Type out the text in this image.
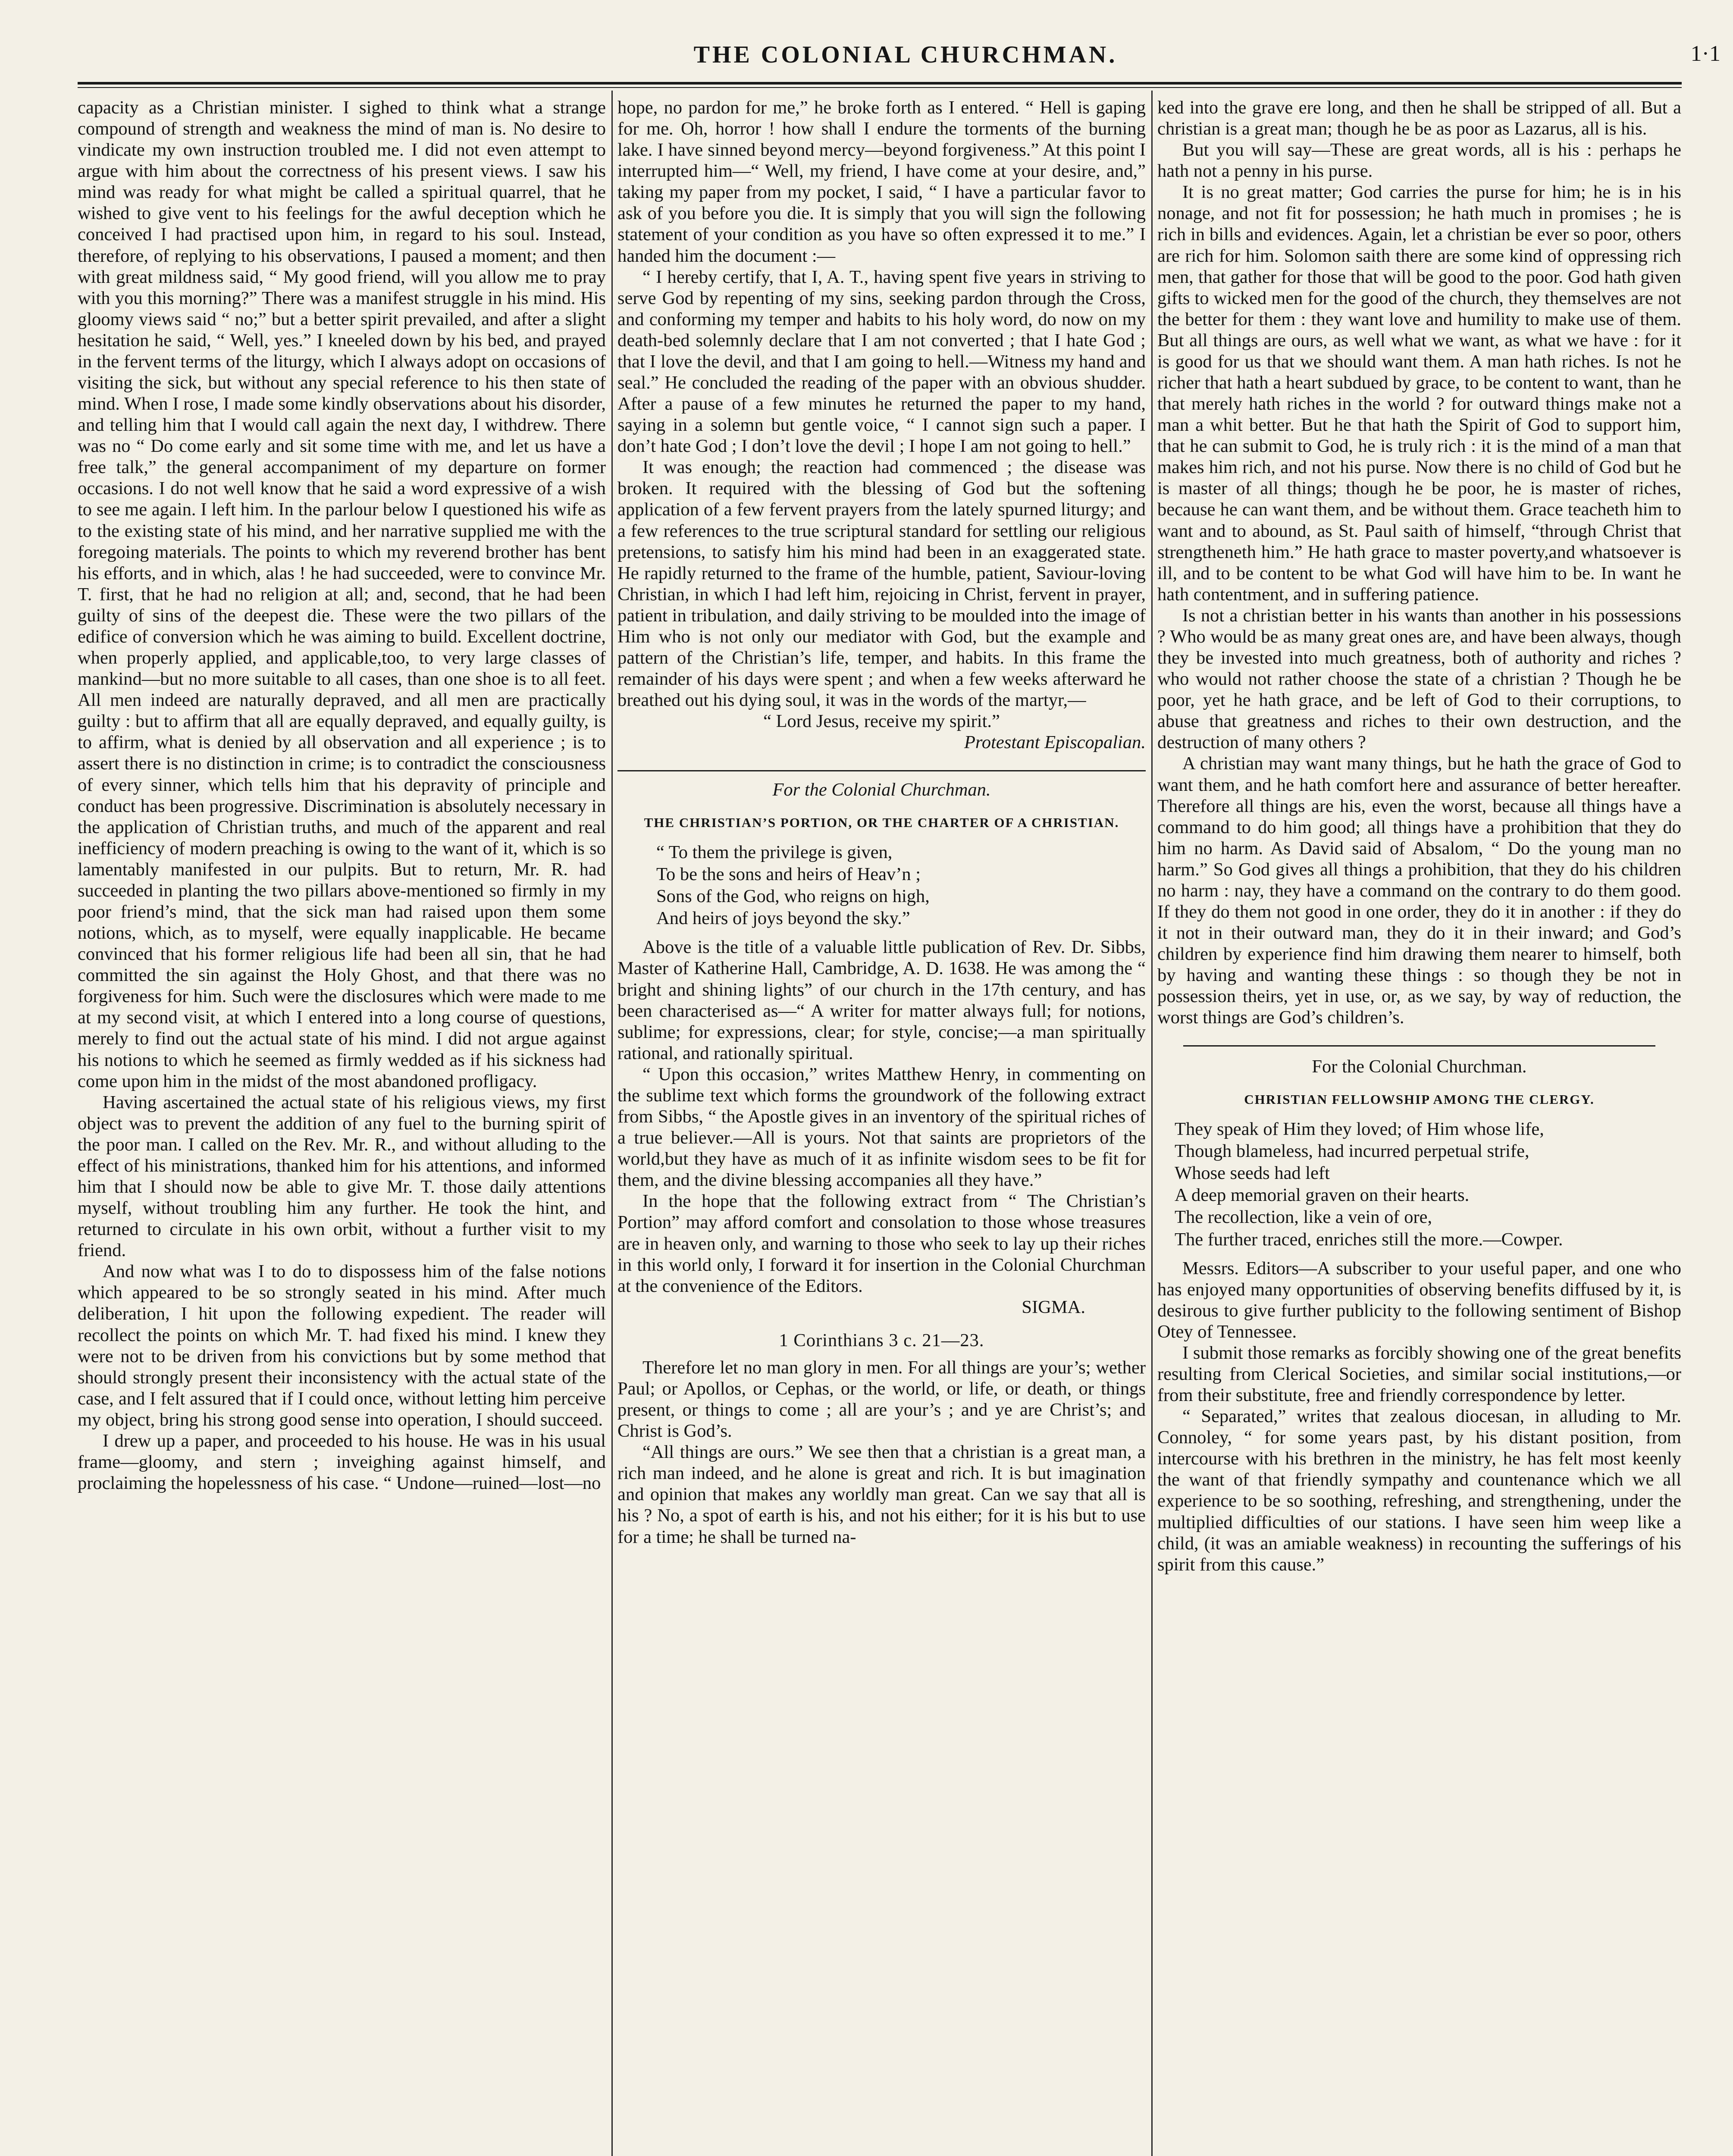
THE COLONIAL CHURCHMAN.	1·1

capacity as a Christian minister. I sighed to think what a strange compound of strength and weakness the mind of man is. No desire to vindicate my own instruction troubled me. I did not even attempt to argue with him about the correctness of his present views. I saw his mind was ready for what might be called a spiritual quarrel, that he wished to give vent to his feelings for the awful deception which he conceived I had practised upon him, in regard to his soul. Instead, therefore, of replying to his observations, I paused a moment; and then with great mildness said, “ My good friend, will you allow me to pray with you this morning?” There was a manifest struggle in his mind. His gloomy views said “ no;” but a better spirit prevailed, and after a slight hesitation he said, “ Well, yes.” I kneeled down by his bed, and prayed in the fervent terms of the liturgy, which I always adopt on occasions of visiting the sick, but without any special reference to his then state of mind. When I rose, I made some kindly observations about his disorder, and telling him that I would call again the next day, I withdrew. There was no “ Do come early and sit some time with me, and let us have a free talk,” the general accompaniment of my departure on former occasions. I do not well know that he said a word expressive of a wish to see me again. I left him. In the parlour below I questioned his wife as to the existing state of his mind, and her narrative supplied me with the foregoing materials. The points to which my reverend brother has bent his efforts, and in which, alas ! he had succeeded, were to convince Mr. T. first, that he had no religion at all; and, second, that he had been guilty of sins of the deepest die. These were the two pillars of the edifice of conversion which he was aiming to build. Excellent doctrine, when properly applied, and applicable,too, to very large classes of mankind—but no more suitable to all cases, than one shoe is to all feet. All men indeed are naturally depraved, and all men are practically guilty : but to affirm that all are equally depraved, and equally guilty, is to affirm, what is denied by all observation and all experience ; is to assert there is no distinction in crime; is to contradict the consciousness of every sinner, which tells him that his depravity of principle and conduct has been progressive. Discrimination is absolutely necessary in the application of Christian truths, and much of the apparent and real inefficiency of modern preaching is owing to the want of it, which is so lamentably manifested in our pulpits. But to return, Mr. R. had succeeded in planting the two pillars above-mentioned so firmly in my poor friend’s mind, that the sick man had raised upon them some notions, which, as to myself, were equally inapplicable. He became convinced that his former religious life had been all sin, that he had committed the sin against the Holy Ghost, and that there was no forgiveness for him. Such were the disclosures which were made to me at my second visit, at which I entered into a long course of questions, merely to find out the actual state of his mind. I did not argue against his notions to which he seemed as firmly wedded as if his sickness had come upon him in the midst of the most abandoned profligacy.

Having ascertained the actual state of his religious views, my first object was to prevent the addition of any fuel to the burning spirit of the poor man. I called on the Rev. Mr. R., and without alluding to the effect of his ministrations, thanked him for his attentions, and informed him that I should now be able to give Mr. T. those daily attentions myself, without troubling him any further. He took the hint, and returned to circulate in his own orbit, without a further visit to my friend.

And now what was I to do to dispossess him of the false notions which appeared to be so strongly seated in his mind. After much deliberation, I hit upon the following expedient. The reader will recollect the points on which Mr. T. had fixed his mind. I knew they were not to be driven from his convictions but by some method that should strongly present their inconsistency with the actual state of the case, and I felt assured that if I could once, without letting him perceive my object, bring his strong good sense into operation, I should succeed.

I drew up a paper, and proceeded to his house. He was in his usual frame—gloomy, and stern ; inveighing against himself, and proclaiming the hopelessness of his case. “ Undone—ruined—lost—no

hope, no pardon for me,” he broke forth as I entered. “ Hell is gaping for me. Oh, horror ! how shall I endure the torments of the burning lake. I have sinned beyond mercy—beyond forgiveness.” At this point I interrupted him—“ Well, my friend, I have come at your desire, and,” taking my paper from my pocket, I said, “ I have a particular favor to ask of you before you die. It is simply that you will sign the following statement of your condition as you have so often expressed it to me.” I handed him the document :—

“ I hereby certify, that I, A. T., having spent five years in striving to serve God by repenting of my sins, seeking pardon through the Cross, and conforming my temper and habits to his holy word, do now on my death-bed solemnly declare that I am not converted ; that I hate God ; that I love the devil, and that I am going to hell.—Witness my hand and seal.” He concluded the reading of the paper with an obvious shudder. After a pause of a few minutes he returned the paper to my hand, saying in a solemn but gentle voice, “ I cannot sign such a paper. I don’t hate God ; I don’t love the devil ; I hope I am not going to hell.”

It was enough; the reaction had commenced ; the disease was broken. It required with the blessing of God but the softening application of a few fervent prayers from the lately spurned liturgy; and a few references to the true scriptural standard for settling our religious pretensions, to satisfy him his mind had been in an exaggerated state. He rapidly returned to the frame of the humble, patient, Saviour-loving Christian, in which I had left him, rejoicing in Christ, fervent in prayer, patient in tribulation, and daily striving to be moulded into the image of Him who is not only our mediator with God, but the example and pattern of the Christian’s life, temper, and habits. In this frame the remainder of his days were spent ; and when a few weeks afterward he breathed out his dying soul, it was in the words of the martyr,—

“ Lord Jesus, receive my spirit.”

Protestant Episcopalian.

For the Colonial Churchman.
THE CHRISTIAN’S PORTION, OR THE CHARTER OF A CHRISTIAN.
“ To them the privilege is given,
To be the sons and heirs of Heav’n ;
Sons of the God, who reigns on high,
And heirs of joys beyond the sky.”

Above is the title of a valuable little publication of Rev. Dr. Sibbs, Master of Katherine Hall, Cambridge, A. D. 1638. He was among the “ bright and shining lights” of our church in the 17th century, and has been characterised as—“ A writer for matter always full; for notions, sublime; for expressions, clear; for style, concise;—a man spiritually rational, and rationally spiritual.

“ Upon this occasion,” writes Matthew Henry, in commenting on the sublime text which forms the groundwork of the following extract from Sibbs, “ the Apostle gives in an inventory of the spiritual riches of a true believer.—All is yours. Not that saints are proprietors of the world,but they have as much of it as infinite wisdom sees to be fit for them, and the divine blessing accompanies all they have.”

In the hope that the following extract from “ The Christian’s Portion” may afford comfort and consolation to those whose treasures are in heaven only, and warning to those who seek to lay up their riches in this world only, I forward it for insertion in the Colonial Churchman at the convenience of the Editors.

SIGMA.

1 Corinthians 3 c. 21—23.

Therefore let no man glory in men. For all things are your’s; wether Paul; or Apollos, or Cephas, or the world, or life, or death, or things present, or things to come ; all are your’s ; and ye are Christ’s; and Christ is God’s.

“All things are ours.” We see then that a christian is a great man, a rich man indeed, and he alone is great and rich. It is but imagination and opinion that makes any worldly man great. Can we say that all is his ? No, a spot of earth is his, and not his either; for it is his but to use for a time; he shall be turned na-

ked into the grave ere long, and then he shall be stripped of all. But a christian is a great man; though he be as poor as Lazarus, all is his.

But you will say—These are great words, all is his : perhaps he hath not a penny in his purse.

It is no great matter; God carries the purse for him; he is in his nonage, and not fit for possession; he hath much in promises ; he is rich in bills and evidences. Again, let a christian be ever so poor, others are rich for him. Solomon saith there are some kind of oppressing rich men, that gather for those that will be good to the poor. God hath given gifts to wicked men for the good of the church, they themselves are not the better for them : they want love and humility to make use of them. But all things are ours, as well what we want, as what we have : for it is good for us that we should want them. A man hath riches. Is not he richer that hath a heart subdued by grace, to be content to want, than he that merely hath riches in the world ? for outward things make not a man a whit better. But he that hath the Spirit of God to support him, that he can submit to God, he is truly rich : it is the mind of a man that makes him rich, and not his purse. Now there is no child of God but he is master of all things; though he be poor, he is master of riches, because he can want them, and be without them. Grace teacheth him to want and to abound, as St. Paul saith of himself, “through Christ that strengtheneth him.” He hath grace to master poverty,and whatsoever is ill, and to be content to be what God will have him to be. In want he hath contentment, and in suffering patience.

Is not a christian better in his wants than another in his possessions ? Who would be as many great ones are, and have been always, though they be invested into much greatness, both of authority and riches ? who would not rather choose the state of a christian ? Though he be poor, yet he hath grace, and be left of God to their corruptions, to abuse that greatness and riches to their own destruction, and the destruction of many others ?

A christian may want many things, but he hath the grace of God to want them, and he hath comfort here and assurance of better hereafter. Therefore all things are his, even the worst, because all things have a command to do him good; all things have a prohibition that they do him no harm. As David said of Absalom, “ Do the young man no harm.” So God gives all things a prohibition, that they do his children no harm : nay, they have a command on the contrary to do them good. If they do them not good in one order, they do it in another : if they do it not in their outward man, they do it in their inward; and God’s children by experience find him drawing them nearer to himself, both by having and wanting these things : so though they be not in possession theirs, yet in use, or, as we say, by way of reduction, the worst things are God’s children’s.

For the Colonial Churchman.
CHRISTIAN FELLOWSHIP AMONG THE CLERGY.
They speak of Him they loved; of Him whose life,
Though blameless, had incurred perpetual strife,
Whose seeds had left
A deep memorial graven on their hearts.
The recollection, like a vein of ore,
The further traced, enriches still the more.—Cowper.

Messrs. Editors—A subscriber to your useful paper, and one who has enjoyed many opportunities of observing benefits diffused by it, is desirous to give further publicity to the following sentiment of Bishop Otey of Tennessee.

I submit those remarks as forcibly showing one of the great benefits resulting from Clerical Societies, and similar social institutions,—or from their substitute, free and friendly correspondence by letter.

“ Separated,” writes that zealous diocesan, in alluding to Mr. Connoley, “ for some years past, by his distant position, from intercourse with his brethren in the ministry, he has felt most keenly the want of that friendly sympathy and countenance which we all experience to be so soothing, refreshing, and strengthening, under the multiplied difficulties of our stations. I have seen him weep like a child, (it was an amiable weakness) in recounting the sufferings of his spirit from this cause.”
